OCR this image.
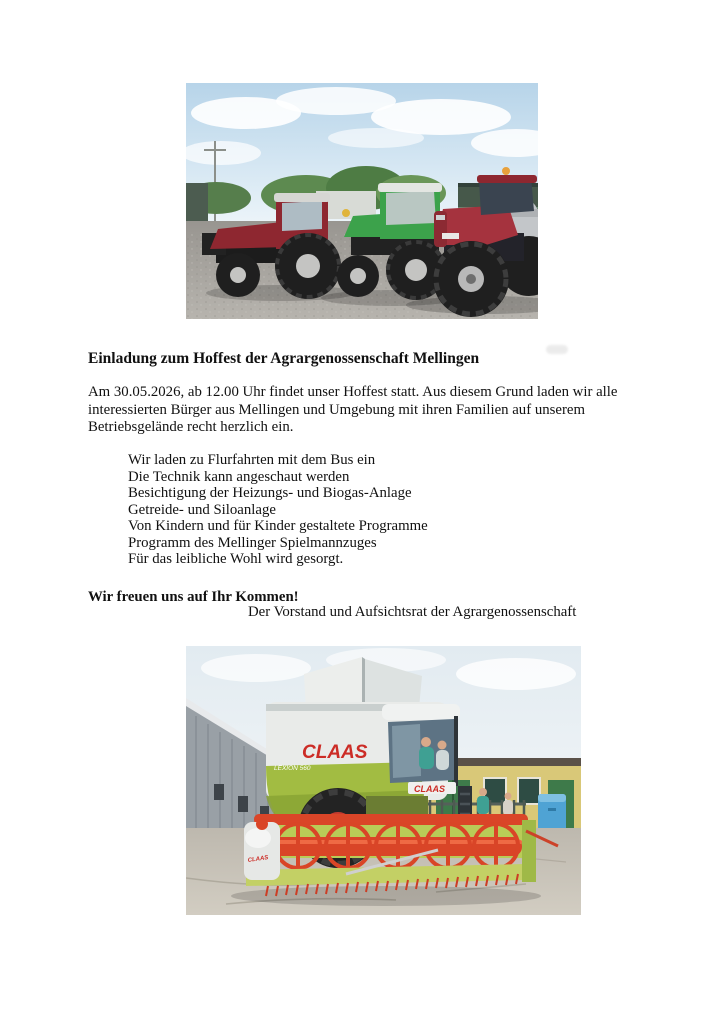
Einladung zum Hoffest der Agrargenossenschaft Mellingen
Am 30.05.2026, ab 12.00 Uhr findet unser Hoffest statt. Aus diesem Grund laden wir alle
interessierten Bürger aus Mellingen und Umgebung mit ihren Familien auf unserem
Betriebsgelände recht herzlich ein.
Wir laden zu Flurfahrten mit dem Bus ein
Die Technik kann angeschaut werden
Besichtigung der Heizungs- und Biogas-Anlage
Getreide- und Siloanlage
Von Kindern und für Kinder gestaltete Programme
Programm des Mellinger Spielmannzuges
Für das leibliche Wohl wird gesorgt.
Wir freuen uns auf Ihr Kommen!
Der Vorstand und Aufsichtsrat der Agrargenossenschaft
CLAAS
LEXION 560
CLAAS
CLAAS
